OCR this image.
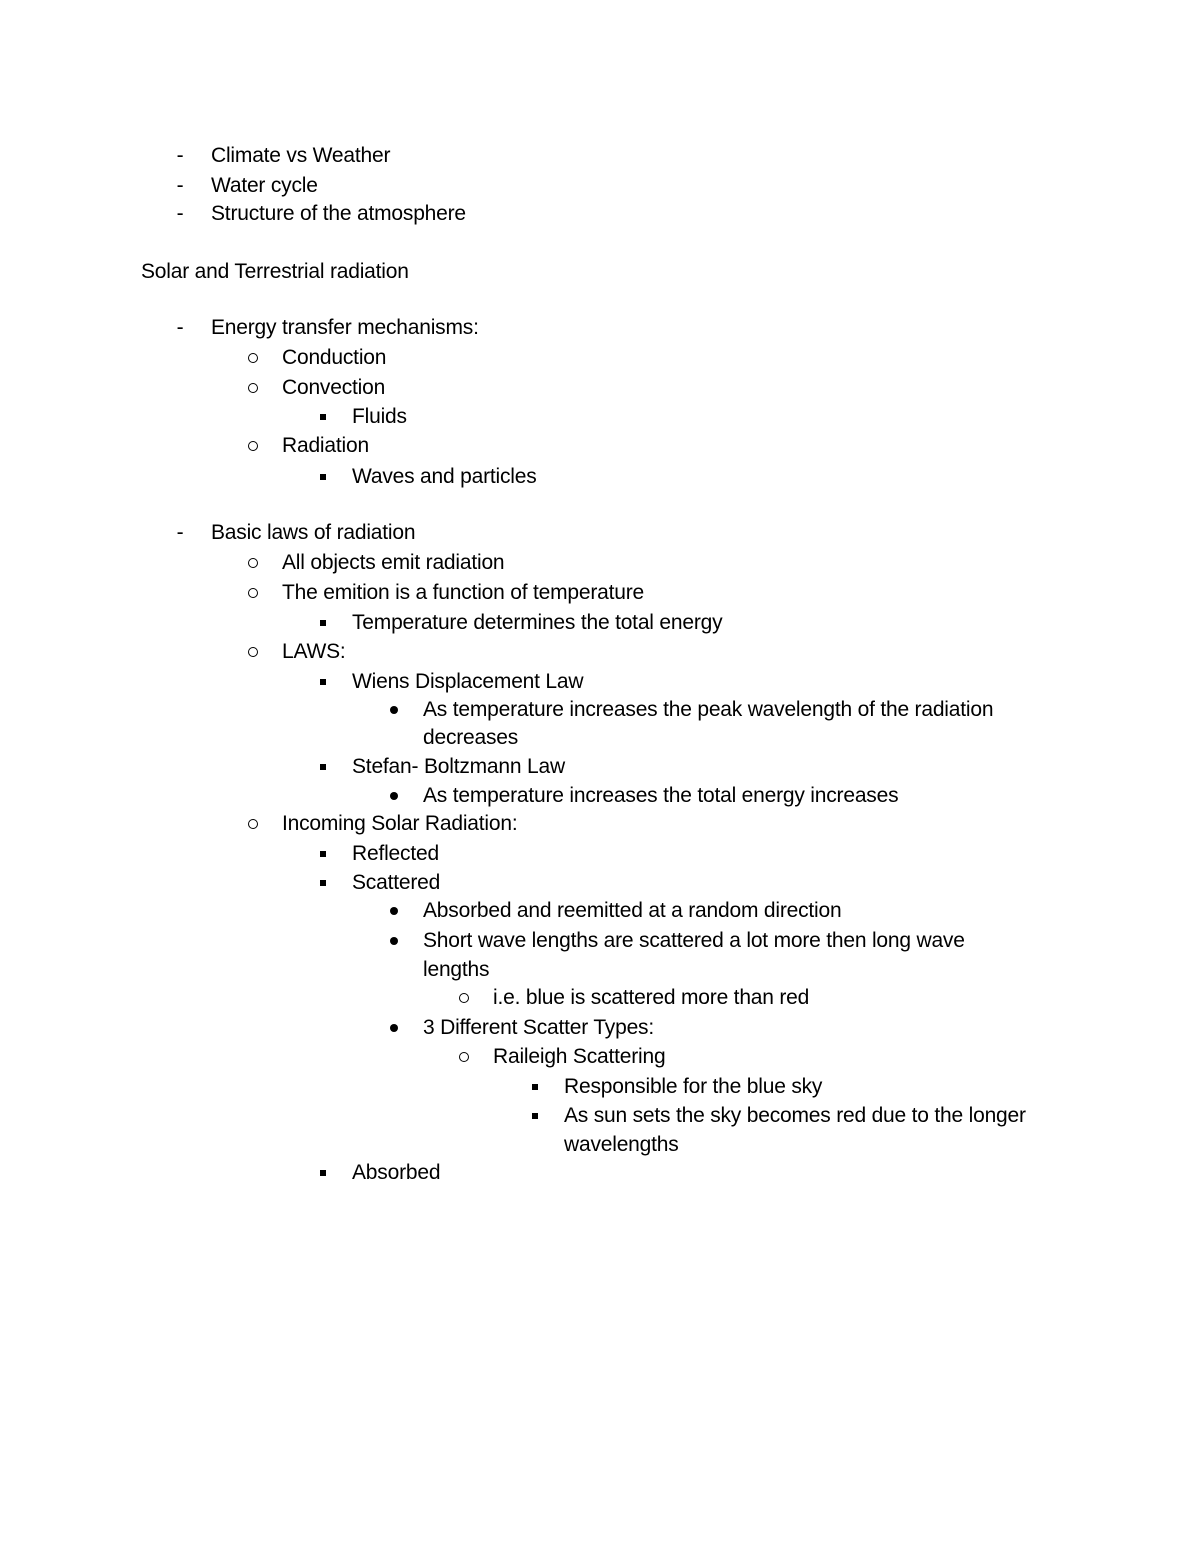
-	Climate vs Weather
-	Water cycle
-	Structure of the atmosphere
Solar and Terrestrial radiation
-	Energy transfer mechanisms:
Conduction
Convection
Fluids
Radiation
Waves and particles
-	Basic laws of radiation
All objects emit radiation
The emition is a function of temperature
Temperature determines the total energy
LAWS:
Wiens Displacement Law
As temperature increases the peak wavelength of the radiation
decreases
Stefan- Boltzmann Law
As temperature increases the total energy increases
Incoming Solar Radiation:
Reflected
Scattered
Absorbed and reemitted at a random direction
Short wave lengths are scattered a lot more then long wave
lengths
i.e. blue is scattered more than red
3 Different Scatter Types:
Raileigh Scattering
Responsible for the blue sky
As sun sets the sky becomes red due to the longer
wavelengths
Absorbed
